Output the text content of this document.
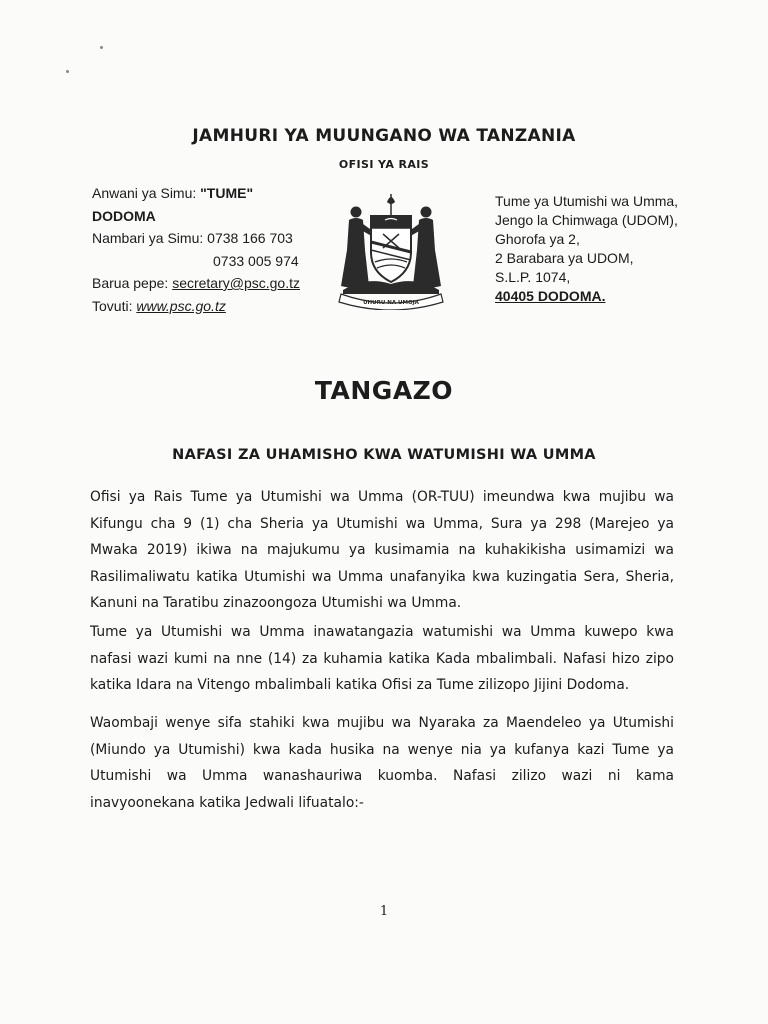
JAMHURI YA MUUNGANO WA TANZANIA
OFISI YA RAIS
Anwani ya Simu: "TUME"
DODOMA
Nambari ya Simu: 0738 166 703
0733 005 974
Barua pepe: secretary@psc.go.tz
Tovuti: www.psc.go.tz	UHURU NA UMOJA
Tume ya Utumishi wa Umma,
Jengo la Chimwaga (UDOM),
Ghorofa ya 2,
2 Barabara ya UDOM,
S.L.P. 1074,
40405 DODOMA.
TANGAZO
NAFASI ZA UHAMISHO KWA WATUMISHI WA UMMA

Ofisi ya Rais Tume ya Utumishi wa Umma (OR-TUU) imeundwa kwa mujibu wa Kifungu cha 9 (1) cha Sheria ya Utumishi wa Umma, Sura ya 298 (Marejeo ya Mwaka 2019) ikiwa na majukumu ya kusimamia na kuhakikisha usimamizi wa Rasilimaliwatu katika Utumishi wa Umma unafanyika kwa kuzingatia Sera, Sheria, Kanuni na Taratibu zinazoongoza Utumishi wa Umma.

Tume ya Utumishi wa Umma inawatangazia watumishi wa Umma kuwepo kwa nafasi wazi kumi na nne (14) za kuhamia katika Kada mbalimbali. Nafasi hizo zipo katika Idara na Vitengo mbalimbali katika Ofisi za Tume zilizopo Jijini Dodoma.

Waombaji wenye sifa stahiki kwa mujibu wa Nyaraka za Maendeleo ya Utumishi (Miundo ya Utumishi) kwa kada husika na wenye nia ya kufanya kazi Tume ya Utumishi wa Umma wanashauriwa kuomba. Nafasi zilizo wazi ni kama inavyoonekana katika Jedwali lifuatalo:-

1
